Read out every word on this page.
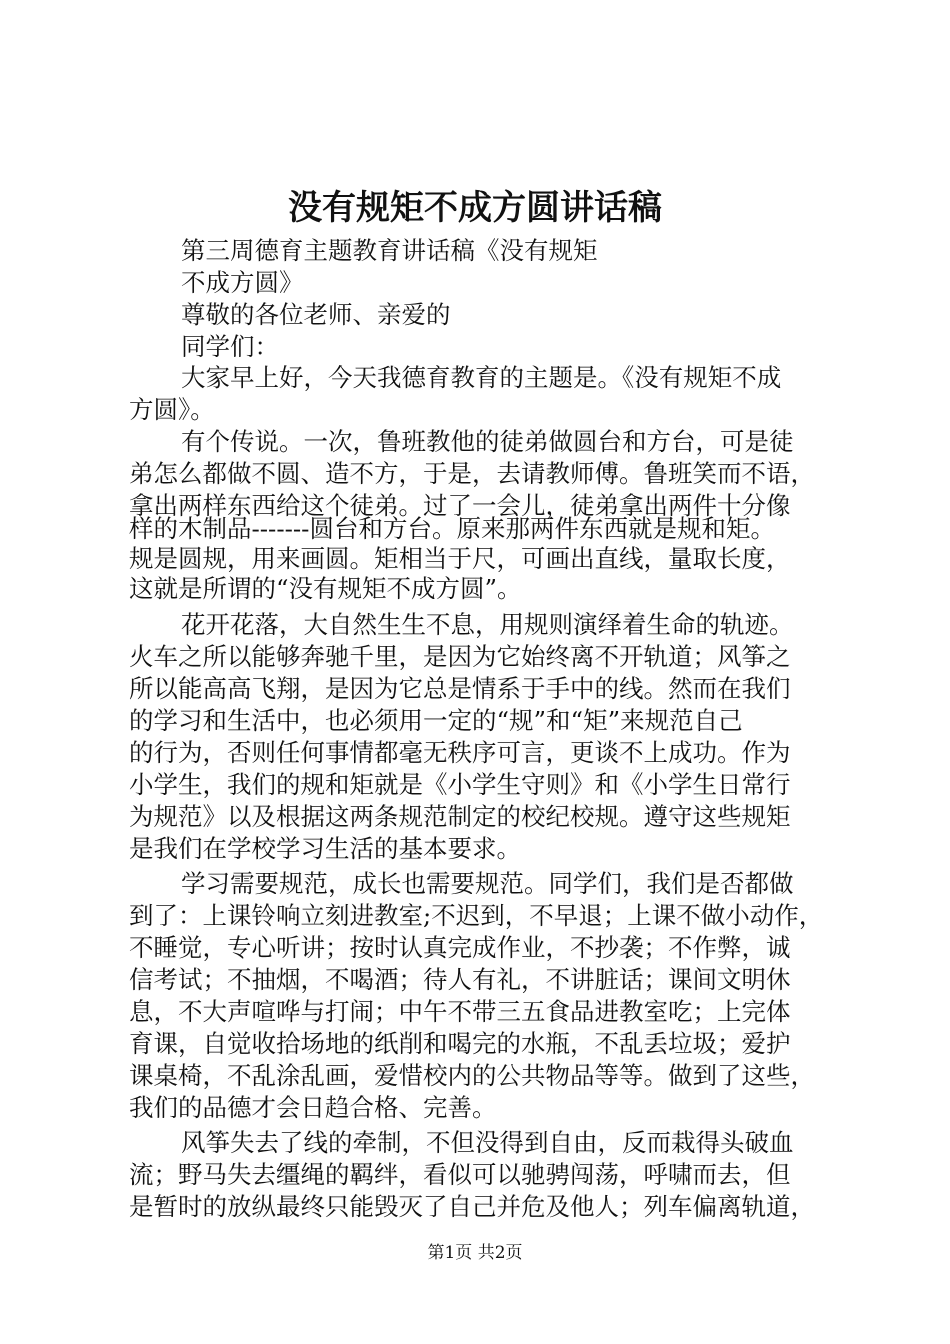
没有规矩不成方圆讲话稿
第三周德育主题教育讲话稿《没有规矩
不成方圆》
尊敬的各位老师、亲爱的
同学们：
大家早上好，今天我德育教育的主题是。《没有规矩不成
方圆》。
有个传说。一次，鲁班教他的徒弟做圆台和方台，可是徒
弟怎么都做不圆、造不方，于是，去请教师傅。鲁班笑而不语，
拿出两样东西给这个徒弟。过了一会儿，徒弟拿出两件十分像
样的木制品-------圆台和方台。原来那两件东西就是规和矩。
规是圆规，用来画圆。矩相当于尺，可画出直线，量取长度，
这就是所谓的“没有规矩不成方圆”。
花开花落，大自然生生不息，用规则演绎着生命的轨迹。
火车之所以能够奔驰千里，是因为它始终离不开轨道；风筝之
所以能高高飞翔，是因为它总是情系于手中的线。然而在我们
的学习和生活中，也必须用一定的“规”和“矩”来规范自己
的行为，否则任何事情都毫无秩序可言，更谈不上成功。作为
小学生，我们的规和矩就是《小学生守则》和《小学生日常行
为规范》以及根据这两条规范制定的校纪校规。遵守这些规矩
是我们在学校学习生活的基本要求。
学习需要规范，成长也需要规范。同学们，我们是否都做
到了：上课铃响立刻进教室;不迟到，不早退；上课不做小动作，
不睡觉，专心听讲；按时认真完成作业，不抄袭；不作弊，诚
信考试；不抽烟，不喝酒；待人有礼，不讲脏话；课间文明休
息，不大声喧哗与打闹；中午不带三五食品进教室吃；上完体
育课，自觉收拾场地的纸削和喝完的水瓶，不乱丢垃圾；爱护
课桌椅，不乱涂乱画，爱惜校内的公共物品等等。做到了这些，
我们的品德才会日趋合格、完善。
风筝失去了线的牵制，不但没得到自由，反而栽得头破血
流；野马失去缰绳的羁绊，看似可以驰骋闯荡，呼啸而去，但
是暂时的放纵最终只能毁灭了自己并危及他人；列车偏离轨道，
第1页 共2页
